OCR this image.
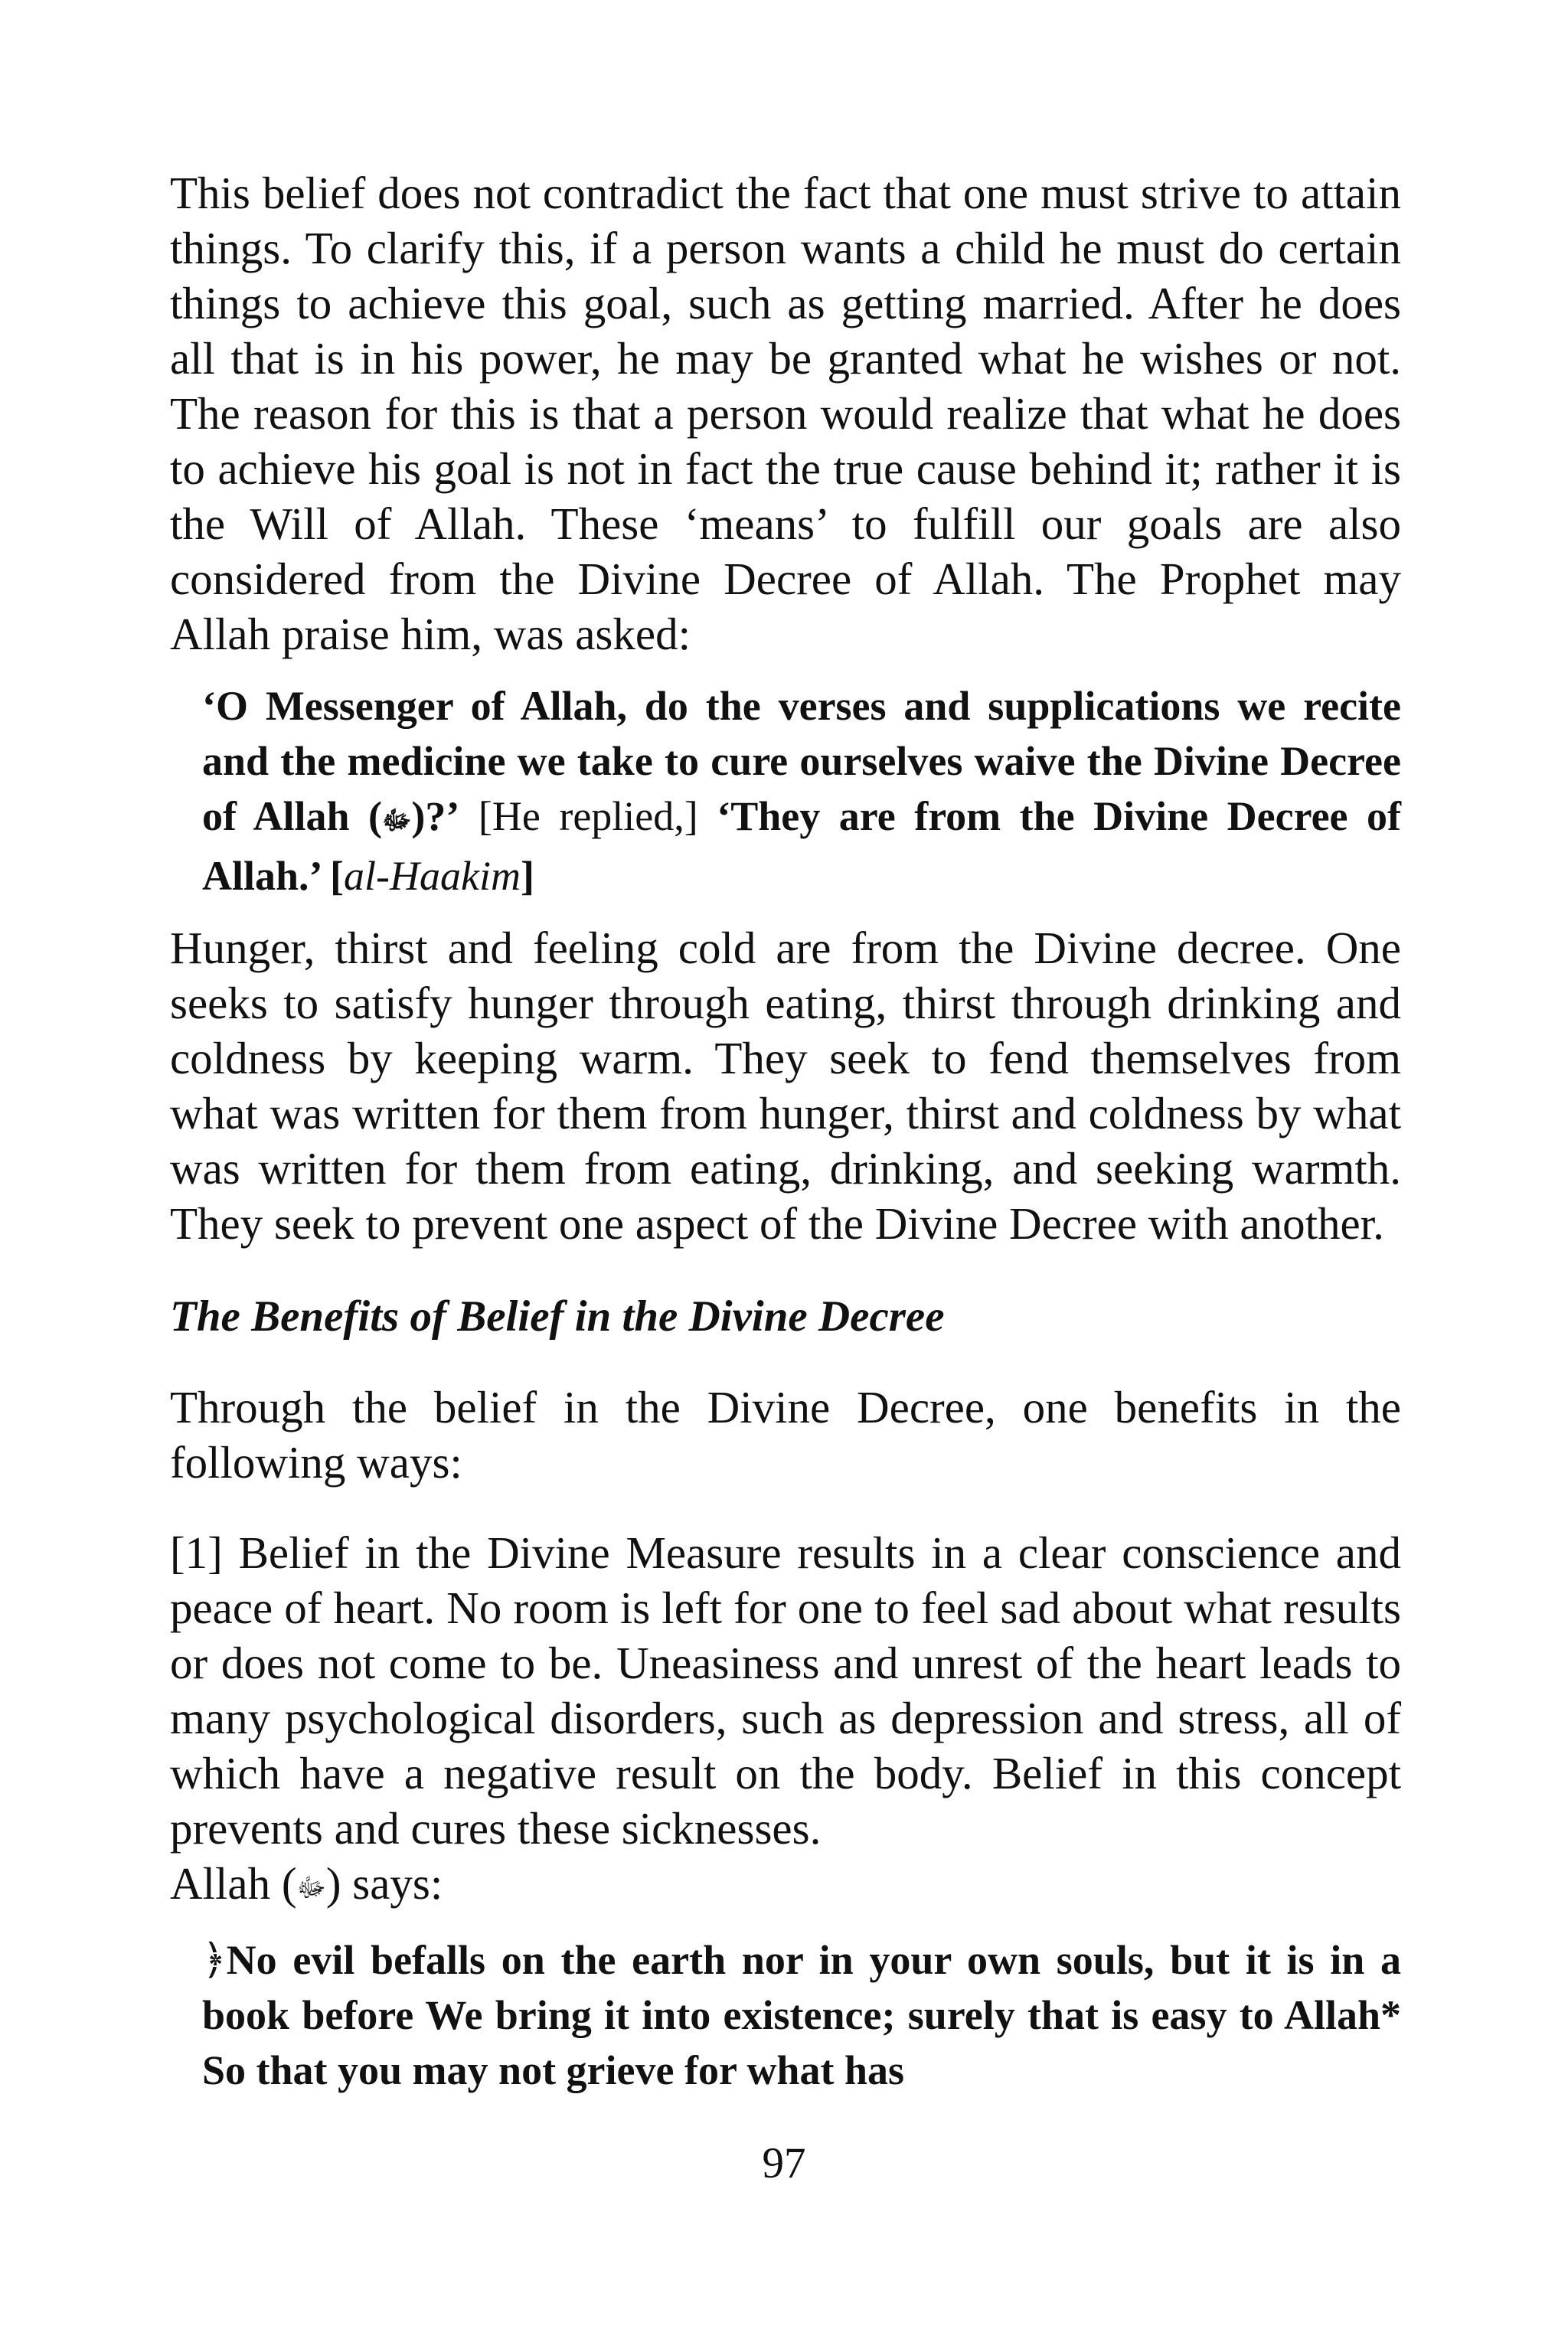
This belief does not contradict the fact that one must strive to attain things. To clarify this, if a person wants a child he must do certain things to achieve this goal, such as getting married. After he does all that is in his power, he may be granted what he wishes or not. The reason for this is that a person would realize that what he does to achieve his goal is not in fact the true cause behind it; rather it is the Will of Allah. These ‘means’ to fulfill our goals are also considered from the Divine Decree of Allah. The Prophet may Allah praise him, was asked:

‘O Messenger of Allah, do the verses and supplications we recite and the medicine we take to cure ourselves waive the Divine Decree of Allah (ﷻ)?’ [He replied,] ‘They are from the Divine Decree of Allah.’ [al-Haakim]

Hunger, thirst and feeling cold are from the Divine decree. One seeks to satisfy hunger through eating, thirst through drinking and coldness by keeping warm. They seek to fend themselves from what was written for them from hunger, thirst and coldness by what was written for them from eating, drinking, and seeking warmth. They seek to prevent one aspect of the Divine Decree with another.

The Benefits of Belief in the Divine Decree

Through the belief in the Divine Decree, one benefits in the following ways:

[1] Belief in the Divine Measure results in a clear conscience and peace of heart. No room is left for one to feel sad about what results or does not come to be. Uneasiness and unrest of the heart leads to many psychological disorders, such as depression and stress, all of which have a negative result on the body. Belief in this concept prevents and cures these sicknesses.
Allah (ﷻ) says:

﴿No evil befalls on the earth nor in your own souls, but it is in a book before We bring it into existence; surely that is easy to Allah* So that you may not grieve for what has

97
